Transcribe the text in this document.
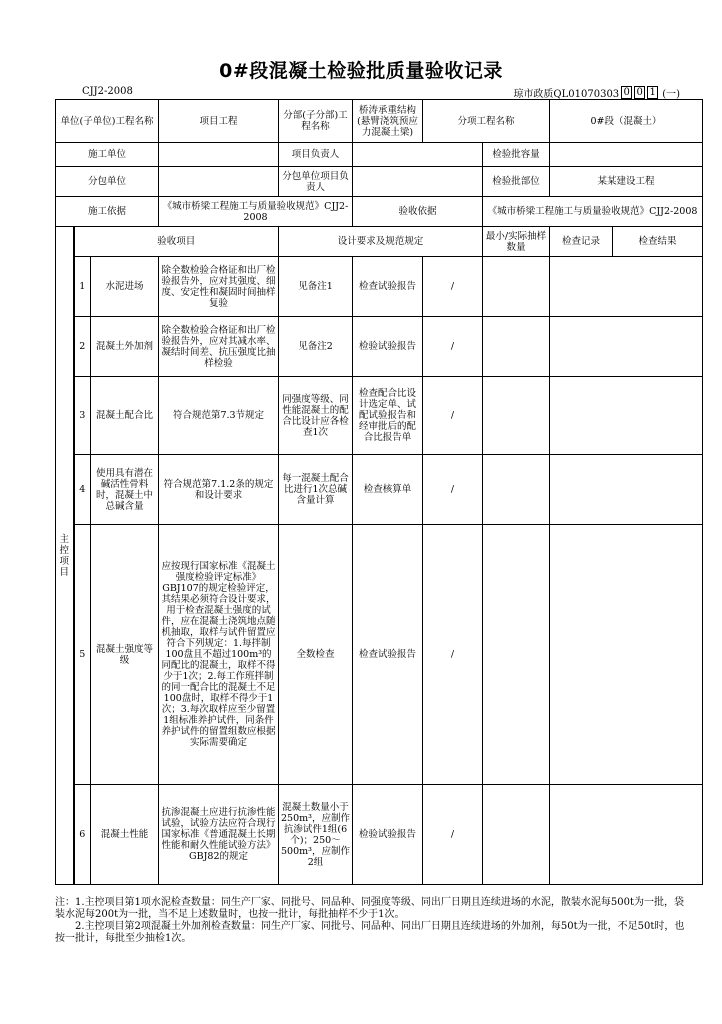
0#段混凝土检验批质量验收记录
CJJ2-2008	琼市政质QL01070303 0 0 1 (一)
单位(子单位)工程名称			项目工程	分部(子分部)工程名称	桥涛承重结构(悬臂浇筑预应力混凝土梁)	分项工程名称		0#段（混凝土）	
施工单位				项目负责人			检验批容量		
分包单位				分包单位项目负责人			检验批部位	某某建设工程	
施工依据			《城市桥梁工程施工与质量验收规范》CJJ2-2008		验收依据		《城市桥梁工程施工与质量验收规范》CJJ2-2008		

主
控
项
目	验收项目			设计要求及规范规定			最小/实际抽样数量	检查记录	检查结果
	1	水泥进场	除全数检验合格证和出厂检验报告外，应对其强度、细度、安定性和凝固时间抽样复验	见备注1	检查试验报告	/			
	2	混凝土外加剂	除全数检验合格证和出厂检验报告外，应对其减水率、凝结时间差、抗压强度比抽样检验	见备注2	检验试验报告	/			
	3	混凝土配合比	符合规范第7.3节规定	同强度等级、同性能混凝土的配合比设计应各检查1次	检查配合比设计选定单、试配试验报告和经审批后的配合比报告单	/			
	4	使用具有潜在碱活性骨料时，混凝土中总碱含量	符合规范第7.1.2条的规定和设计要求	每一混凝土配合比进行1次总碱含量计算	检查核算单	/			
	5	混凝土强度等级	应按现行国家标准《混凝土强度检验评定标准》GBJ107的规定检验评定，其结果必须符合设计要求，用于检查混凝土强度的试件，应在混凝土浇筑地点随机抽取，取样与试件留置应符合下列规定：1.每拌制100盘且不超过100m³的同配比的混凝土，取样不得少于1次；2.每工作班拌制的同一配合比的混凝土不足100盘时，取样不得少于1次；3.每次取样应至少留置1组标准养护试件，同条件养护试件的留置组数应根据实际需要确定	全数检查	检查试验报告	/			
	6	混凝土性能	抗渗混凝土应进行抗渗性能试验，试验方法应符合现行国家标准《普通混凝土长期性能和耐久性能试验方法》GBJ82的规定	混凝土数量小于250m³，应制作抗渗试件1组(6个)；250～500m³，应制作2组	检验试验报告	/			

注：1.主控项目第1项水泥检查数量：同生产厂家、同批号、同品种、同强度等级、同出厂日期且连续进场的水泥，散装水泥每500t为一批，袋装水泥每200t为一批，当不足上述数量时，也按一批计，每批抽样不少于1次。

2.主控项目第2项混凝土外加剂检查数量：同生产厂家、同批号、同品种、同出厂日期且连续进场的外加剂，每50t为一批，不足50t时，也按一批计，每批至少抽检1次。
